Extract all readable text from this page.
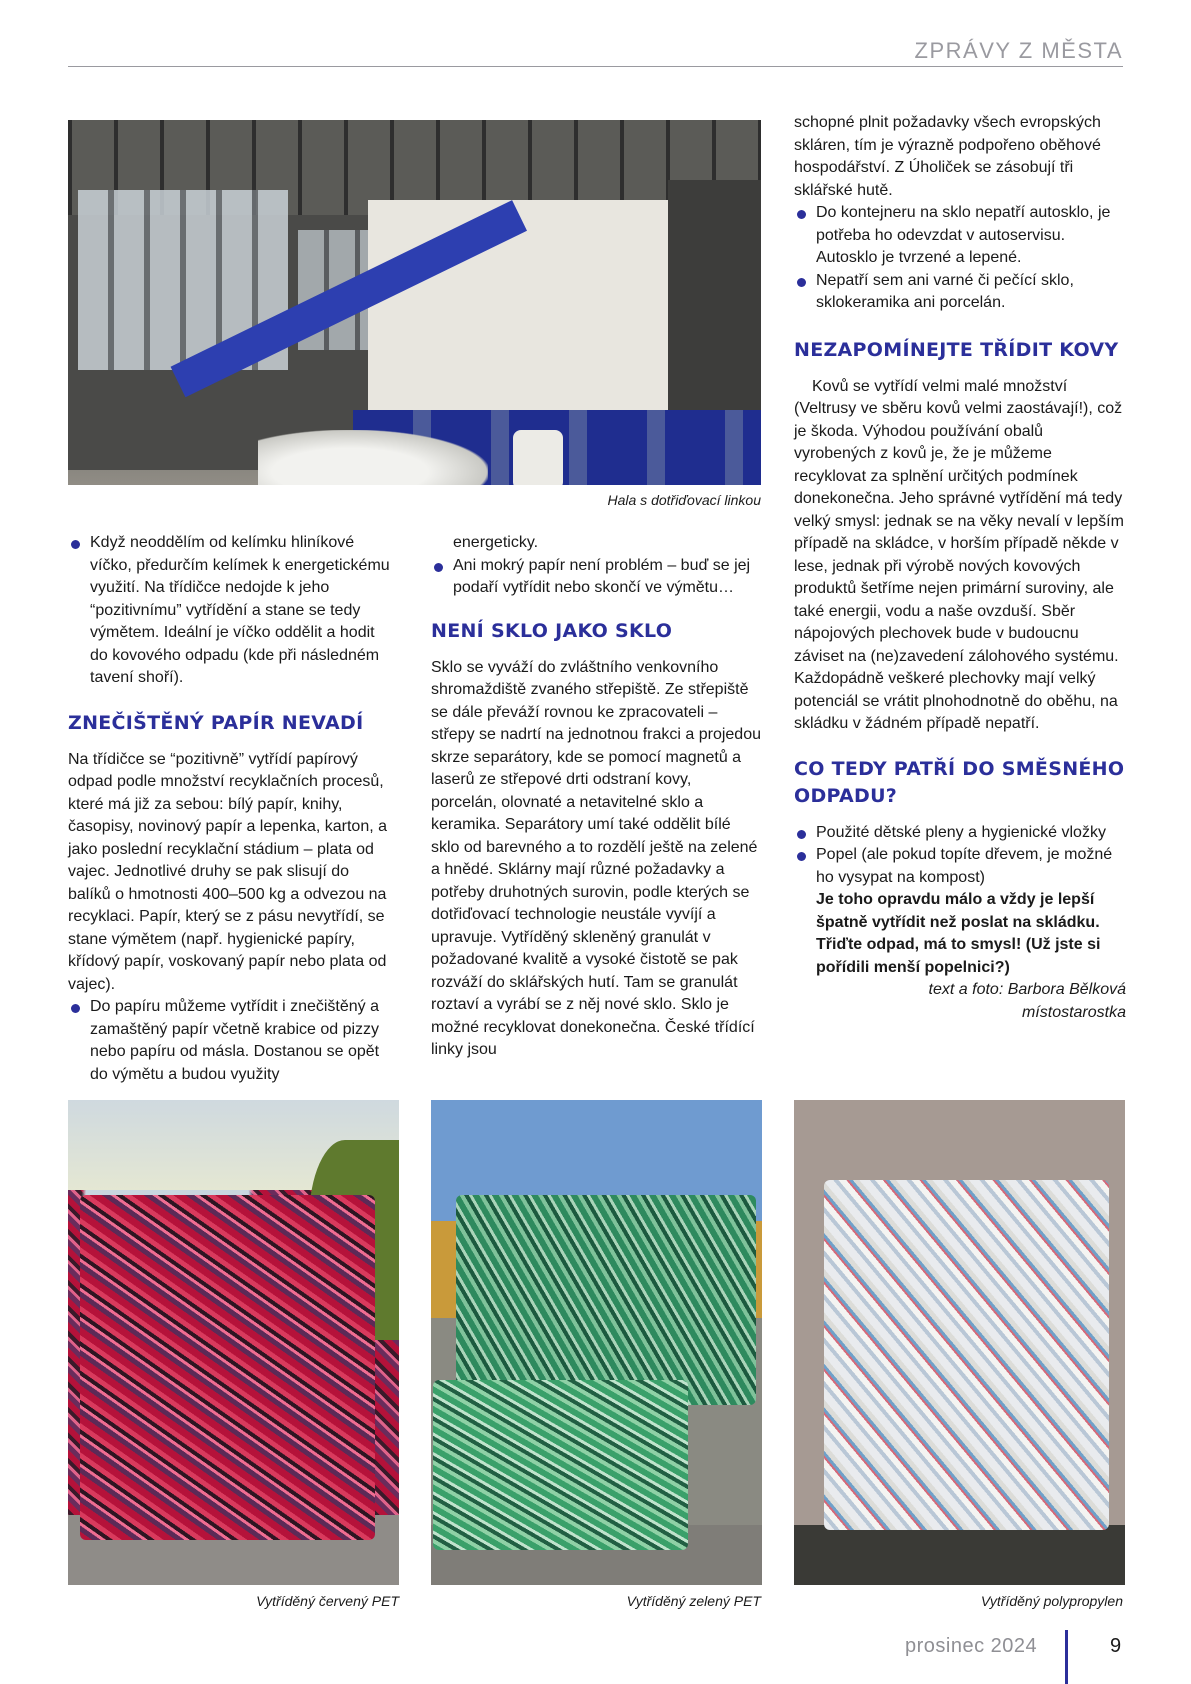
ZPRÁVY Z MĚSTA
Hala s dotřiďovací linkou
Když neoddělím od kelímku hliníkové víčko, předurčím kelímek k energetickému využití. Na třídičce nedojde k jeho “pozitivnímu” vytřídění a stane se tedy výmětem. Ideální je víčko oddělit a hodit do kovového odpadu (kde při následném tavení shoří).
ZNEČIŠTĚNÝ PAPÍR NEVADÍ

Na třídičce se “pozitivně” vytřídí papírový odpad podle množství recyklačních procesů, které má již za sebou: bílý papír, knihy, časopisy, novinový papír a lepenka, karton, a jako poslední recyklační stádium – plata od vajec. Jednotlivé druhy se pak slisují do balíků o hmotnosti 400–500 kg a odvezou na recyklaci. Papír, který se z pásu nevytřídí, se stane výmětem (např. hygienické papíry, křídový papír, voskovaný papír nebo plata od vajec).

Do papíru můžeme vytřídit i znečištěný a zamaštěný papír včetně krabice od pizzy nebo papíru od másla. Dostanou se opět do výmětu a budou využity
energeticky.
Ani mokrý papír není problém – buď se jej podaří vytřídit nebo skončí ve výmětu…
NENÍ SKLO JAKO SKLO

Sklo se vyváží do zvláštního venkovního shromaždiště zvaného střepiště. Ze střepiště se dále převáží rovnou ke zpracovateli – střepy se nadrtí na jednotnou frakci a projedou skrze separátory, kde se pomocí magnetů a laserů ze střepové drti odstraní kovy, porcelán, olovnaté a netavitelné sklo a keramika. Separátory umí také oddělit bílé sklo od barevného a to rozdělí ještě na zelené a hnědé. Sklárny mají různé požadavky a potřeby druhotných surovin, podle kterých se dotřiďovací technologie neustále vyvíjí a upravuje. Vytříděný skleněný granulát v požadované kvalitě a vysoké čistotě se pak rozváží do sklářských hutí. Tam se granulát roztaví a vyrábí se z něj nové sklo. Sklo je možné recyklovat donekonečna. České třídící linky jsou

schopné plnit požadavky všech evropských skláren, tím je výrazně podpořeno oběhové hospodářství. Z Úholiček se zásobují tři sklářské hutě.

Do kontejneru na sklo nepatří autosklo, je potřeba ho odevzdat v autoservisu. Autosklo je tvrzené a lepené.
Nepatří sem ani varné či pečící sklo, sklokeramika ani porcelán.
NEZAPOMÍNEJTE TŘÍDIT KOVY

Kovů se vytřídí velmi malé množství (Veltrusy ve sběru kovů velmi zaostávají!), což je škoda. Výhodou používání obalů vyrobených z kovů je, že je můžeme recyklovat za splnění určitých podmínek donekonečna. Jeho správné vytřídění má tedy velký smysl: jednak se na věky nevalí v lepším případě na skládce, v horším případě někde v lese, jednak při výrobě nových kovových produktů šetříme nejen primární suroviny, ale také energii, vodu a naše ovzduší. Sběr nápojových plechovek bude v budoucnu záviset na (ne)zavedení zálohového systému. Každopádně veškeré plechovky mají velký potenciál se vrátit plnohodnotně do oběhu, na skládku v žádném případě nepatří.

CO TEDY PATŘÍ DO SMĚSNÉHO ODPADU?
Použité dětské pleny a hygienické vložky
Popel (ale pokud topíte dřevem, je možné ho vysypat na kompost)

Je toho opravdu málo a vždy je lepší špatně vytřídit než poslat na skládku. Třiďte odpad, má to smysl! (Už jste si pořídili menší popelnici?)

text a foto: Barbora Bělková

místostarostka

Vytříděný červený PET	Vytříděný zelený PET	Vytříděný polypropylen
prosinec 2024	9
